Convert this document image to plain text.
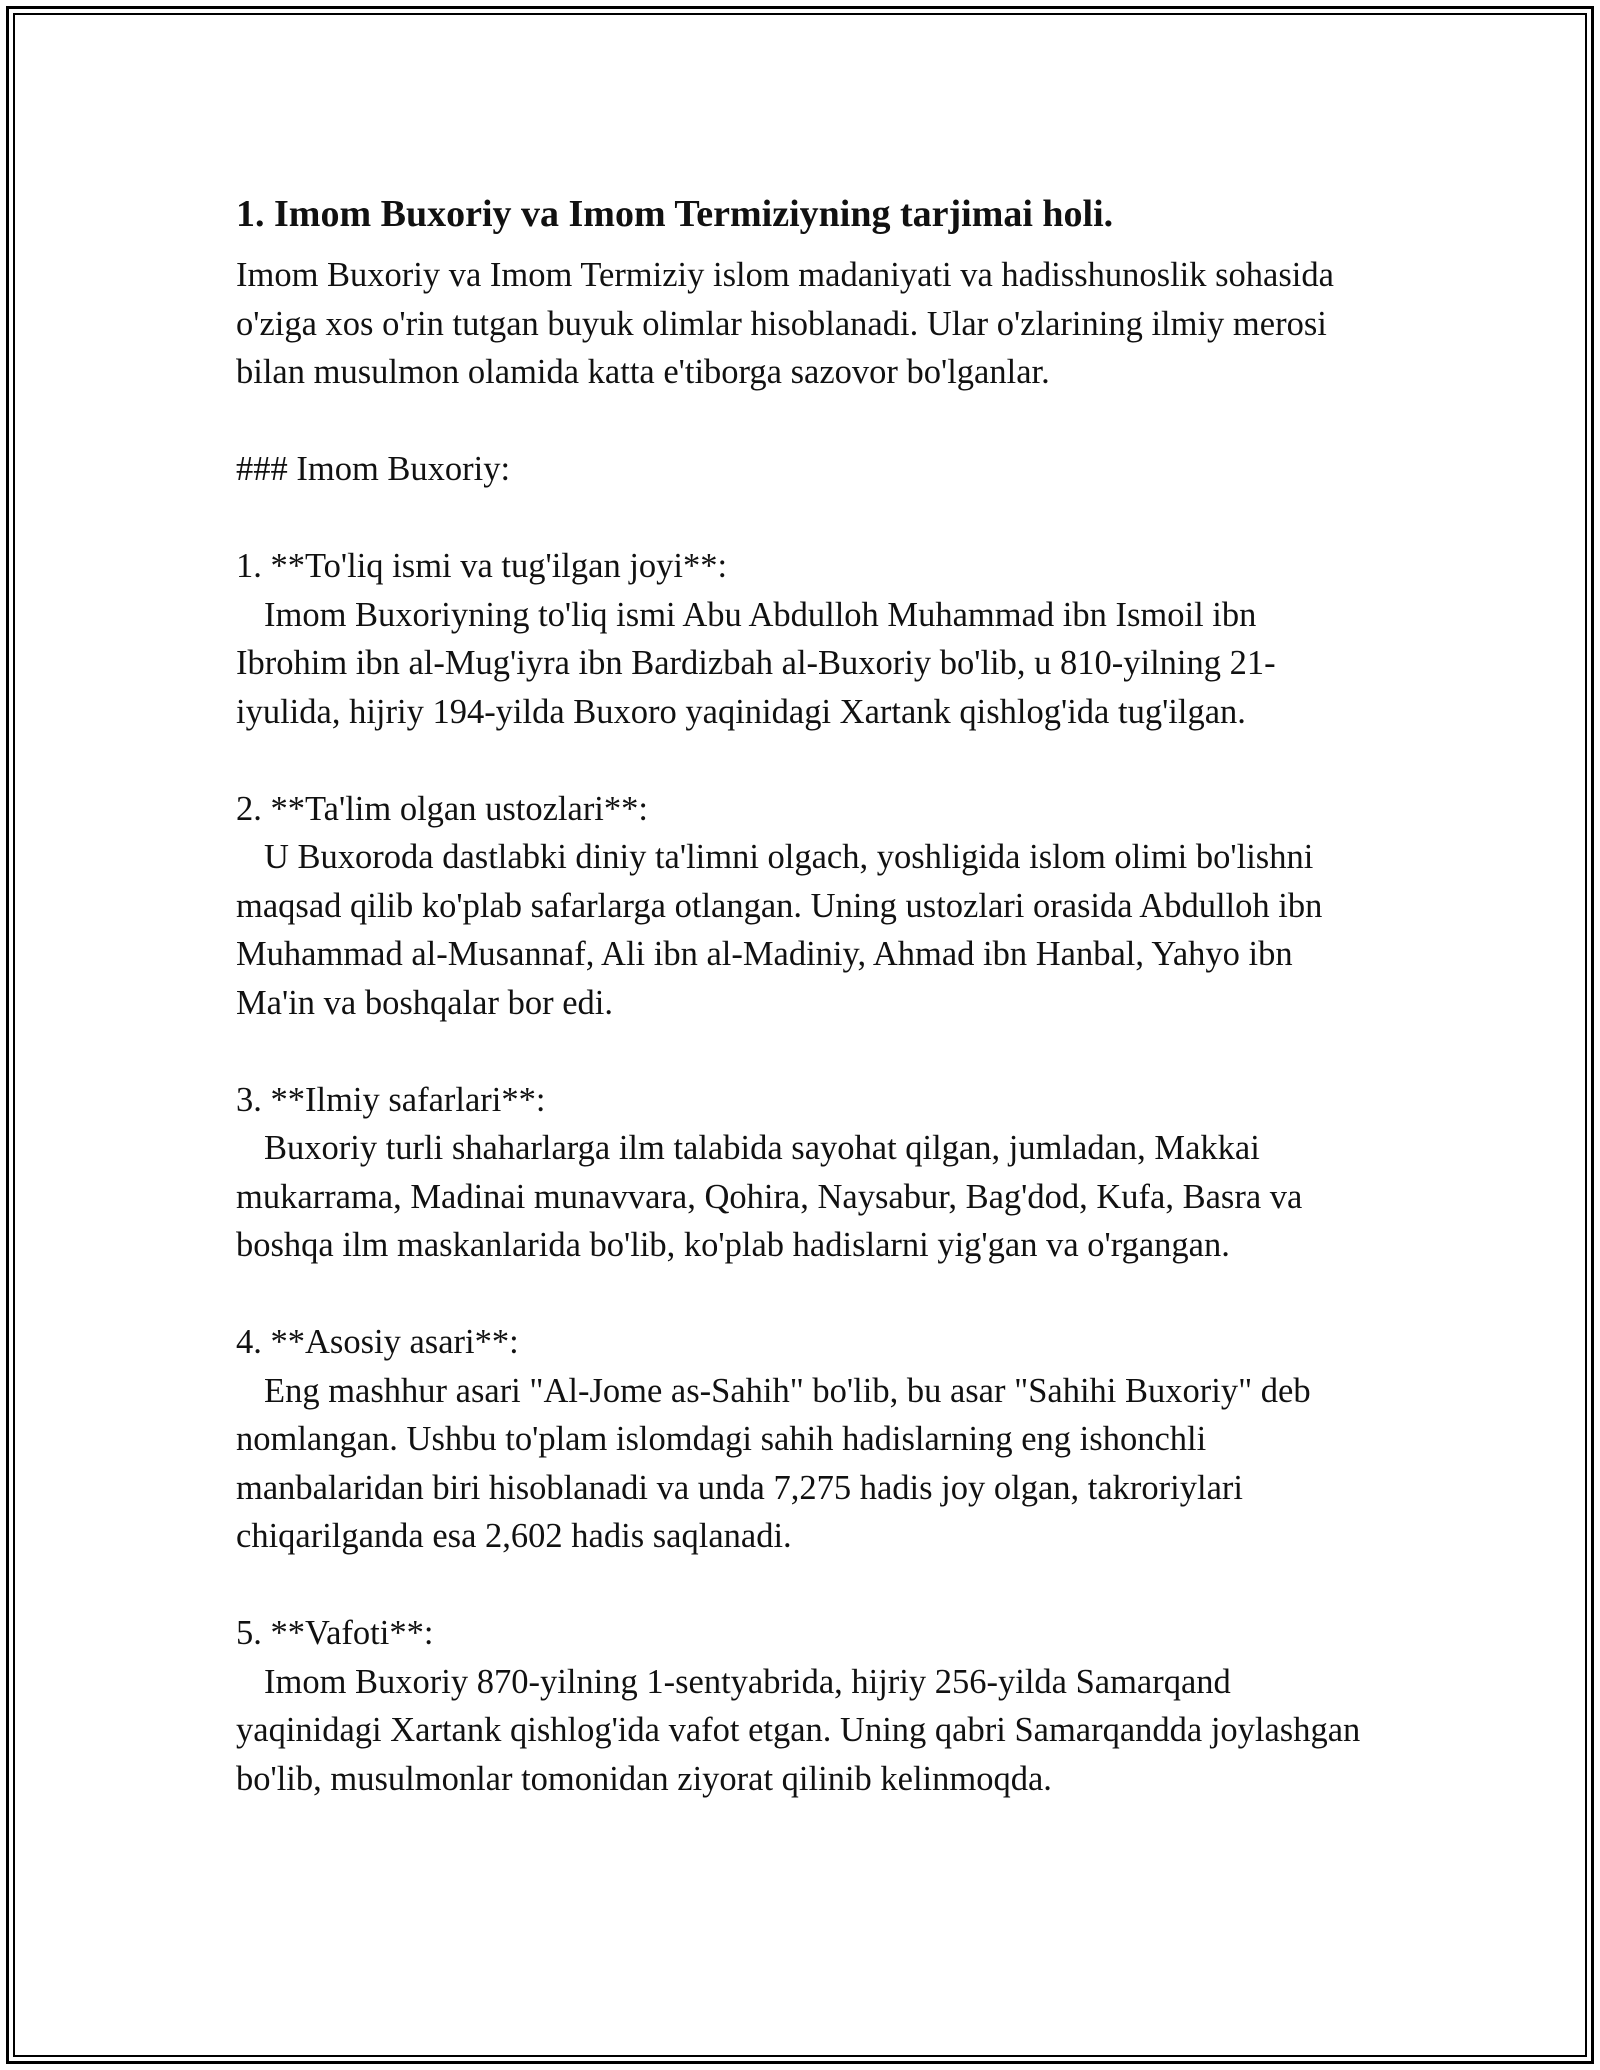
1. Imom Buxoriy va Imom Termiziyning tarjimai holi.

Imom Buxoriy va Imom Termiziy islom madaniyati va hadisshunoslik sohasida o'ziga xos o'rin tutgan buyuk olimlar hisoblanadi. Ular o'zlarining ilmiy merosi bilan musulmon olamida katta e'tiborga sazovor bo'lganlar.

### Imom Buxoriy:

1. **To'liq ismi va tug'ilgan joyi**:

Imom Buxoriyning to'liq ismi Abu Abdulloh Muhammad ibn Ismoil ibn Ibrohim ibn al-Mug'iyra ibn Bardizbah al-Buxoriy bo'lib, u 810-yilning 21-iyulida, hijriy 194-yilda Buxoro yaqinidagi Xartank qishlog'ida tug'ilgan.

2. **Ta'lim olgan ustozlari**:

U Buxoroda dastlabki diniy ta'limni olgach, yoshligida islom olimi bo'lishni maqsad qilib ko'plab safarlarga otlangan. Uning ustozlari orasida Abdulloh ibn Muhammad al-Musannaf, Ali ibn al-Madiniy, Ahmad ibn Hanbal, Yahyo ibn Ma'in va boshqalar bor edi.

3. **Ilmiy safarlari**:

Buxoriy turli shaharlarga ilm talabida sayohat qilgan, jumladan, Makkai mukarrama, Madinai munavvara, Qohira, Naysabur, Bag'dod, Kufa, Basra va boshqa ilm maskanlarida bo'lib, ko'plab hadislarni yig'gan va o'rgangan.

4. **Asosiy asari**:

Eng mashhur asari "Al-Jome as-Sahih" bo'lib, bu asar "Sahihi Buxoriy" deb nomlangan. Ushbu to'plam islomdagi sahih hadislarning eng ishonchli manbalaridan biri hisoblanadi va unda 7,275 hadis joy olgan, takroriylari chiqarilganda esa 2,602 hadis saqlanadi.

5. **Vafoti**:

Imom Buxoriy 870-yilning 1-sentyabrida, hijriy 256-yilda Samarqand yaqinidagi Xartank qishlog'ida vafot etgan. Uning qabri Samarqandda joylashgan bo'lib, musulmonlar tomonidan ziyorat qilinib kelinmoqda.
